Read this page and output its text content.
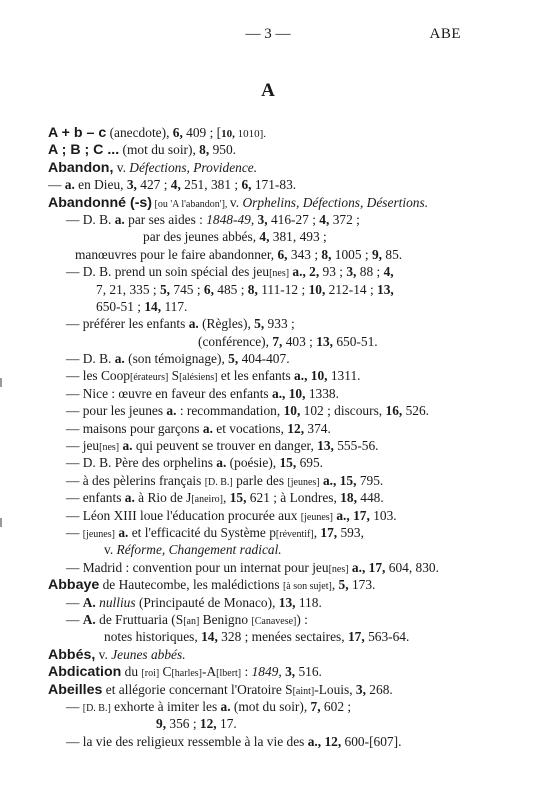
— 3 —	ABE
A
A + b – c (anecdote), 6, 409 ; [10, 1010].
A ; B ; C ... (mot du soir), 8, 950.
Abandon, v. Défections, Providence.
— a. en Dieu, 3, 427 ; 4, 251, 381 ; 6, 171-83.
Abandonné (-s) [ou 'A l'abandon'], v. Orphelins, Défections, Désertions.
— D. B. a. par ses aides : 1848-49, 3, 416-27 ; 4, 372 ;
par des jeunes abbés, 4, 381, 493 ;
manœuvres pour le faire abandonner, 6, 343 ; 8, 1005 ; 9, 85.
— D. B. prend un soin spécial des jeu[nes] a., 2, 93 ; 3, 88 ; 4,
7, 21, 335 ; 5, 745 ; 6, 485 ; 8, 111-12 ; 10, 212-14 ; 13,
650-51 ; 14, 117.
— préférer les enfants a. (Règles), 5, 933 ;
(conférence), 7, 403 ; 13, 650-51.
— D. B. a. (son témoignage), 5, 404-407.
— les Coop[érateurs] S[alésiens] et les enfants a., 10, 1311.
— Nice : œuvre en faveur des enfants a., 10, 1338.
— pour les jeunes a. : recommandation, 10, 102 ; discours, 16, 526.
— maisons pour garçons a. et vocations, 12, 374.
— jeu[nes] a. qui peuvent se trouver en danger, 13, 555-56.
— D. B. Père des orphelins a. (poésie), 15, 695.
— à des pèlerins français [D. B.] parle des [jeunes] a., 15, 795.
— enfants a. à Rio de J[aneiro], 15, 621 ; à Londres, 18, 448.
— Léon XIII loue l'éducation procurée aux [jeunes] a., 17, 103.
— [jeunes] a. et l'efficacité du Système p[réventif], 17, 593,
v. Réforme, Changement radical.
— Madrid : convention pour un internat pour jeu[nes] a., 17, 604, 830.
Abbaye de Hautecombe, les malédictions [à son sujet], 5, 173.
— A. nullius (Principauté de Monaco), 13, 118.
— A. de Fruttuaria (S[an] Benigno [Canavese]) :
notes historiques, 14, 328 ; menées sectaires, 17, 563-64.
Abbés, v. Jeunes abbés.
Abdication du [roi] C[harles]-A[lbert] : 1849, 3, 516.
Abeilles et allégorie concernant l'Oratoire S[aint]-Louis, 3, 268.
— [D. B.] exhorte à imiter les a. (mot du soir), 7, 602 ;
9, 356 ; 12, 17.
— la vie des religieux ressemble à la vie des a., 12, 600-[607].
